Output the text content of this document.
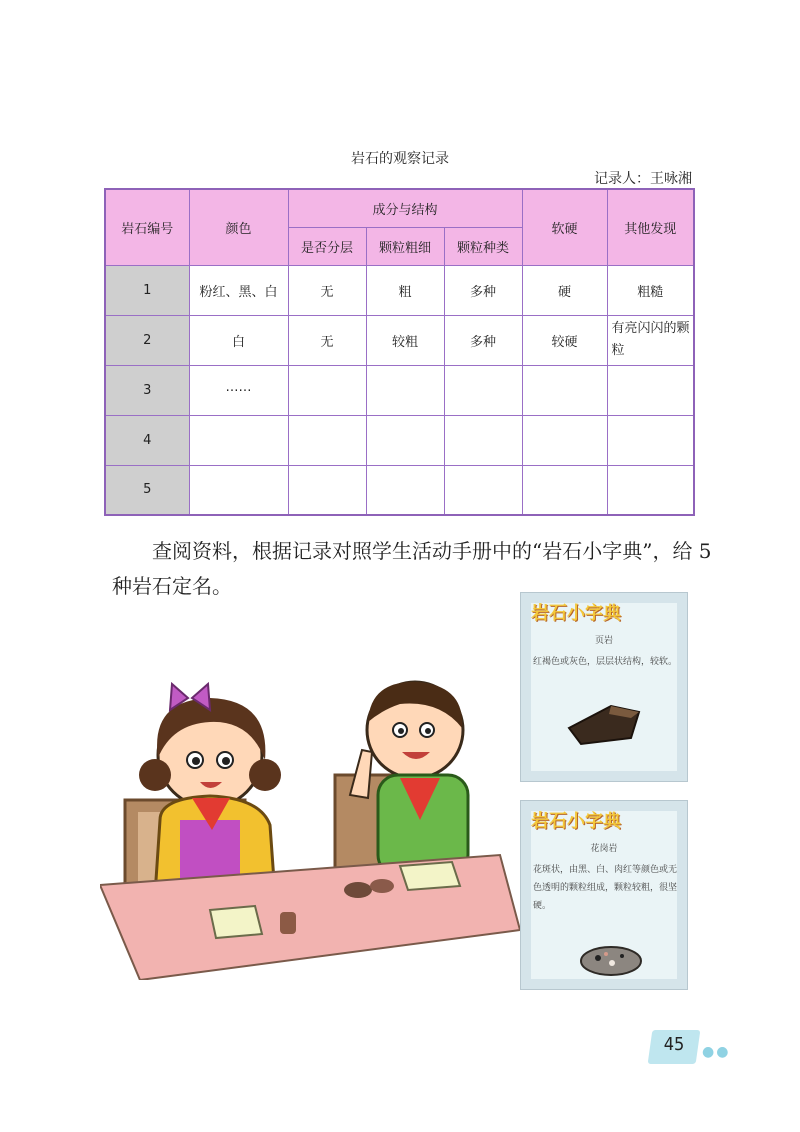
岩石的观察记录
记录人：王咏湘
岩石编号	颜色	成分与结构			软硬	其他发现
		是否分层	颗粒粗细	颗粒种类		
1	粉红、黑、白	无	粗	多种	硬	粗糙
2	白	无	较粗	多种	较硬	有亮闪闪的颗粒
3	……					
4						
5						
查阅资料，根据记录对照学生活动手册中的“岩石小字典”，给 5 种岩石定名。
岩石小字典
页岩
红褐色或灰色，层层状结构，较软。
岩石小字典
花岗岩
花斑状，由黑、白、肉红等颜色或无色透明的颗粒组成，颗粒较粗，很坚硬。
45	●●
